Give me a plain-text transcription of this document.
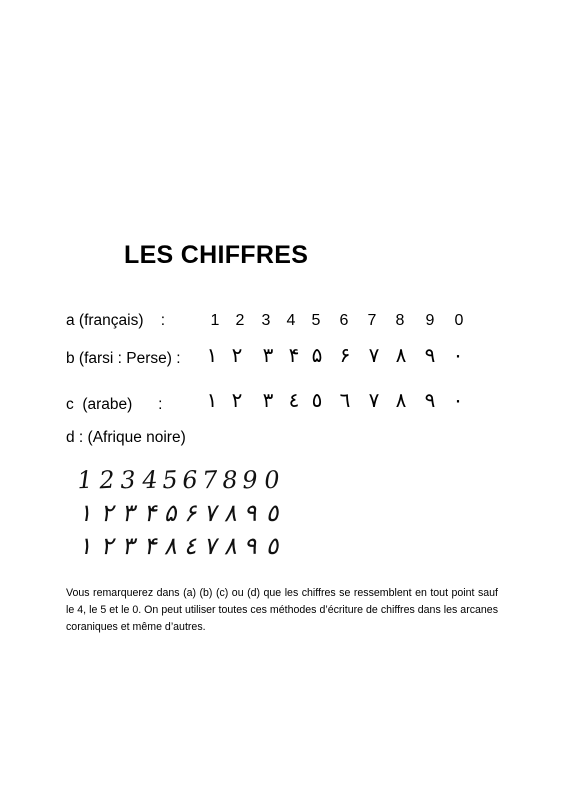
LES CHIFFRES
a (français)    :	1	2	3	4	5	6	7	8	9	0
b (farsi : Perse) : ١ ٢ ٣ ۴ ۵ ۶ ٧ ٨ ٩ ٠
c  (arabe)      : ١ ٢ ٣ ٤ ٥ ٦ ٧ ٨ ٩ ٠
d : (Afrique noire)
1 2 3 4 5 6 7 8 9 0
١ ٢ ٣ ۴ ۵ ۶ ٧ ٨ ٩ ٥
١ ٢ ٣ ۴ ٨ ٤ ٧ ٨ ٩ ٥
Vous remarquerez dans (a) (b) (c) ou (d) que les chiffres se ressemblent en tout point sauf le 4, le 5 et le 0. On peut utiliser toutes ces méthodes d’écriture de chiffres dans les arcanes coraniques et même d’autres.
